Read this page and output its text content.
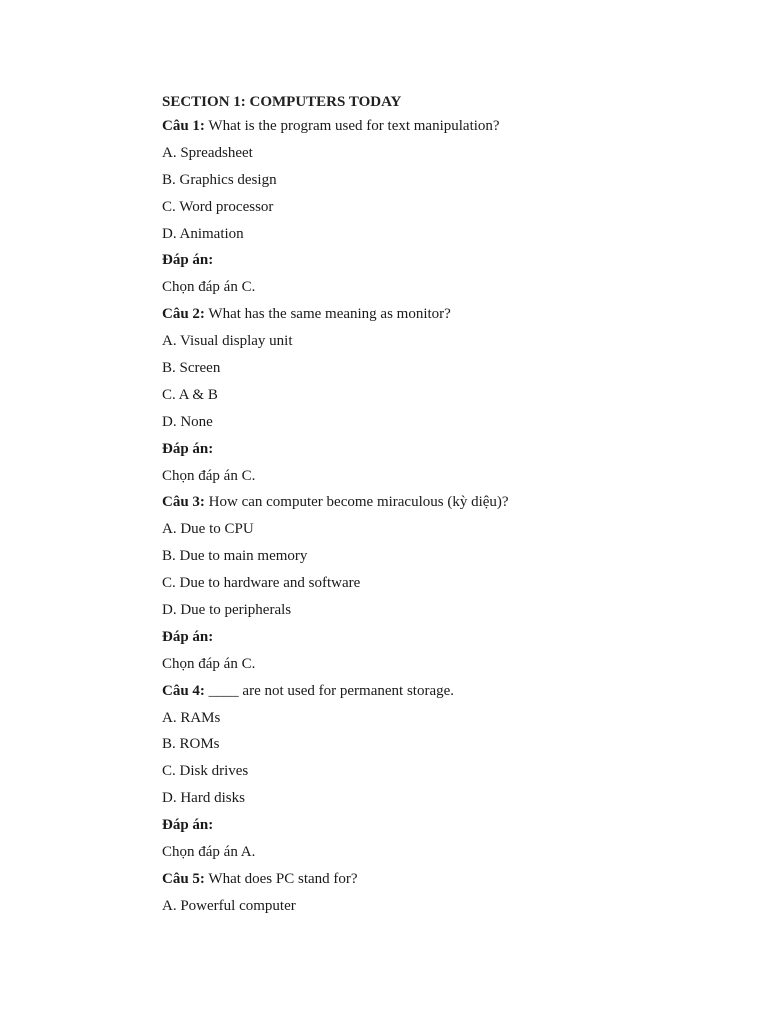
SECTION 1: COMPUTERS TODAY
Câu 1: What is the program used for text manipulation?
A. Spreadsheet
B. Graphics design
C. Word processor
D. Animation
Đáp án:
Chọn đáp án C.
Câu 2: What has the same meaning as monitor?
A. Visual display unit
B. Screen
C. A & B
D. None
Đáp án:
Chọn đáp án C.
Câu 3: How can computer become miraculous (kỳ diệu)?
A. Due to CPU
B. Due to main memory
C. Due to hardware and software
D. Due to peripherals
Đáp án:
Chọn đáp án C.
Câu 4: ____ are not used for permanent storage.
A. RAMs
B. ROMs
C. Disk drives
D. Hard disks
Đáp án:
Chọn đáp án A.
Câu 5: What does PC stand for?
A. Powerful computer
